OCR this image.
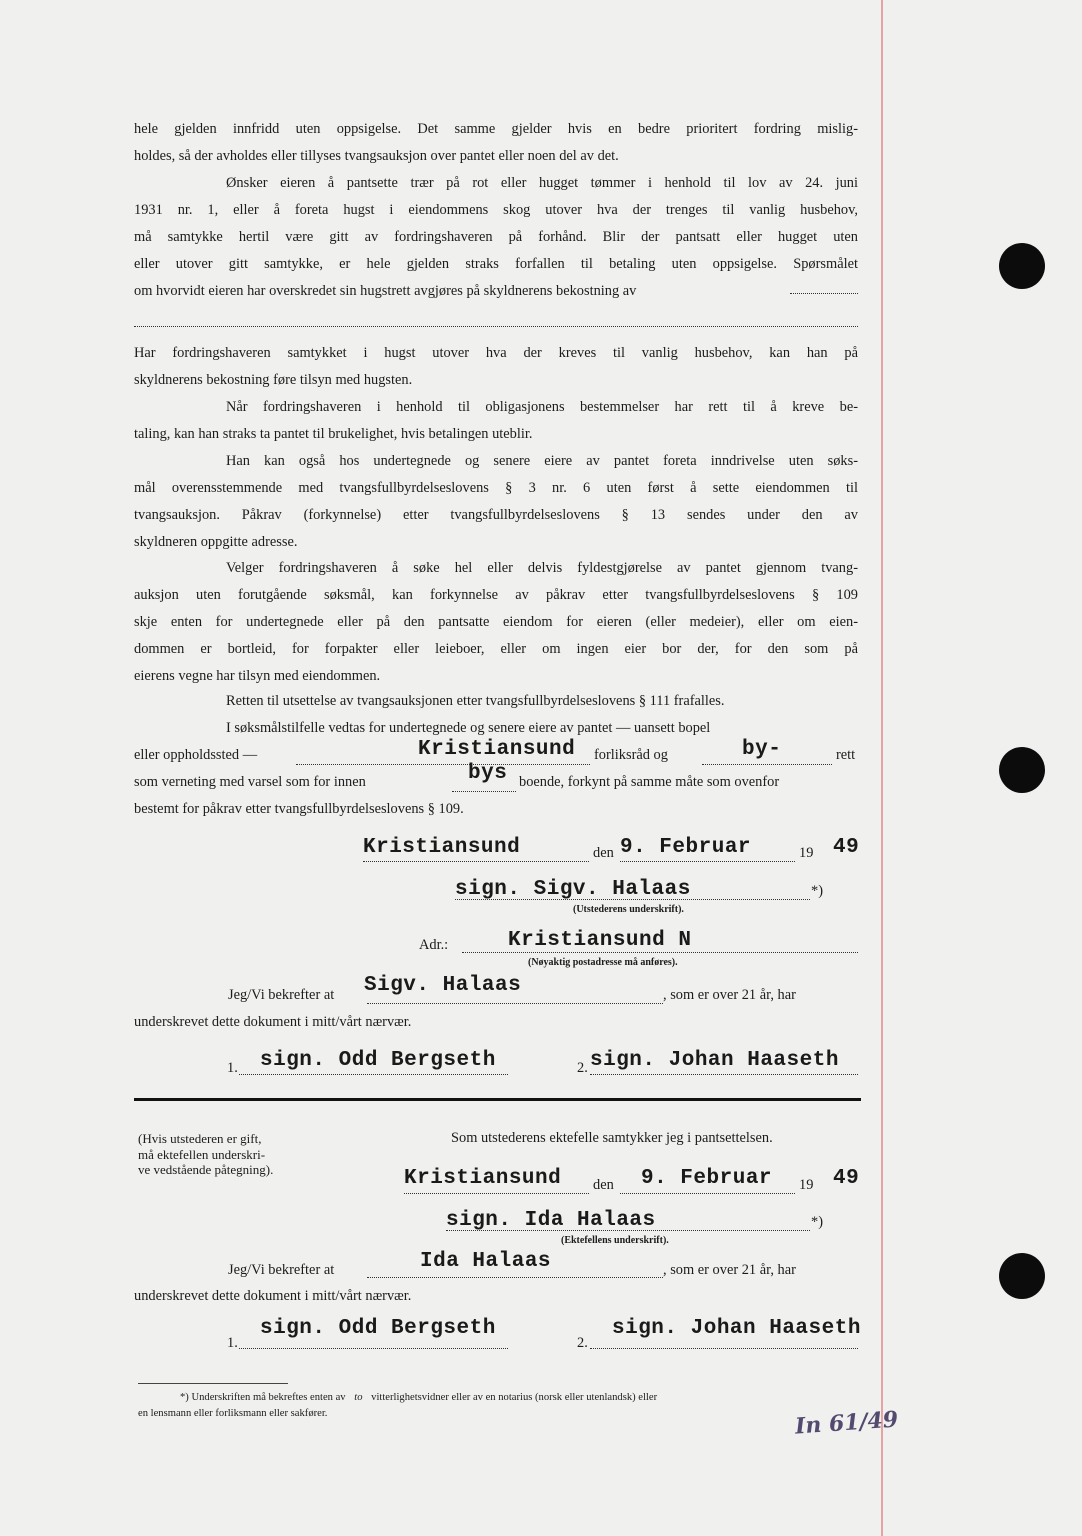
hele gjelden innfridd uten oppsigelse. Det samme gjelder hvis en bedre prioritert fordring mislig-
holdes, så der avholdes eller tillyses tvangsauksjon over pantet eller noen del av det.
Ønsker eieren å pantsette trær på rot eller hugget tømmer i henhold til lov av 24. juni
1931 nr. 1, eller å foreta hugst i eiendommens skog utover hva der trenges til vanlig husbehov,
må samtykke hertil være gitt av fordringshaveren på forhånd. Blir der pantsatt eller hugget uten
eller utover gitt samtykke, er hele gjelden straks forfallen til betaling uten oppsigelse. Spørsmålet
om hvorvidt eieren har overskredet sin hugstrett avgjøres på skyldnerens bekostning av
Har fordringshaveren samtykket i hugst utover hva der kreves til vanlig husbehov, kan han på
skyldnerens bekostning føre tilsyn med hugsten.
Når fordringshaveren i henhold til obligasjonens bestemmelser har rett til å kreve be-
taling, kan han straks ta pantet til brukelighet, hvis betalingen uteblir.
Han kan også hos undertegnede og senere eiere av pantet foreta inndrivelse uten søks-
mål overensstemmende med tvangsfullbyrdelseslovens § 3 nr. 6 uten først å sette eiendommen til
tvangsauksjon. Påkrav (forkynnelse) etter tvangsfullbyrdelseslovens § 13 sendes under den av
skyldneren oppgitte adresse.
Velger fordringshaveren å søke hel eller delvis fyldestgjørelse av pantet gjennom tvang-
auksjon uten forutgående søksmål, kan forkynnelse av påkrav etter tvangsfullbyrdelseslovens § 109
skje enten for undertegnede eller på den pantsatte eiendom for eieren (eller medeier), eller om eien-
dommen er bortleid, for forpakter eller leieboer, eller om ingen eier bor der, for den som på
eierens vegne har tilsyn med eiendommen.
Retten til utsettelse av tvangsauksjonen etter tvangsfullbyrdelseslovens § 111 frafalles.
I søksmålstilfelle vedtas for undertegnede og senere eiere av pantet — uansett bopel
eller oppholdssted —	Kristiansund forliksråd og	by-	rett
som verneting med varsel som for innen	bys boende, forkynt på samme måte som ovenfor
bestemt for påkrav etter tvangsfullbyrdelseslovens § 109.
Kristiansund	den 9. Februar	19 49
sign. Sigv. Halaas	*)
(Utstederens underskrift).
Adr.:	Kristiansund N
(Nøyaktig postadresse må anføres).
Jeg/Vi bekrefter at Sigv. Halaas	, som er over 21 år, har
underskrevet dette dokument i mitt/vårt nærvær.
1. sign. Odd Bergseth	2. sign. Johan Haaseth
(Hvis utstederen er gift,
må ektefellen underskri-
ve vedstående påtegning).
Som utstederens ektefelle samtykker jeg i pantsettelsen.
Kristiansund den 9. Februar 19 49
sign. Ida Halaas	*)
(Ektefellens underskrift).
Jeg/Vi bekrefter at	Ida Halaas	, som er over 21 år, har
underskrevet dette dokument i mitt/vårt nærvær.
1.
sign. Odd Bergseth
2.
sign. Johan Haaseth
*) Underskriften må bekreftes enten av to vitterlighetsvidner eller av en notarius (norsk eller utenlandsk) eller
en lensmann eller forliksmann eller sakfører.	In 61/49
